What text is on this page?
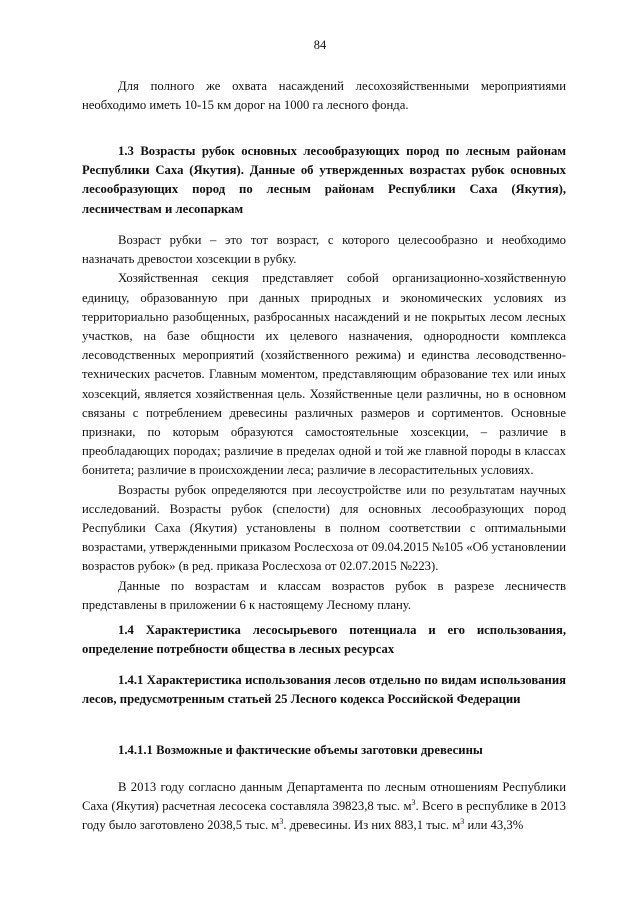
84

Для полного же охвата насаждений лесохозяйственными мероприятиями необходимо иметь 10-15 км дорог на 1000 га лесного фонда.

1.3 Возрасты рубок основных лесообразующих пород по лесным районам Республики Саха (Якутия). Данные об утвержденных возрастах рубок основных лесообразующих пород по лесным районам Республики Саха (Якутия), лесничествам и лесопаркам

Возраст рубки – это тот возраст, с которого целесообразно и необходимо назначать древостои хозсекции в рубку.

Хозяйственная секция представляет собой организационно-хозяйственную единицу, образованную при данных природных и экономических условиях из территориально разобщенных, разбросанных насаждений и не покрытых лесом лесных участков, на базе общности их целевого назначения, однородности комплекса лесоводственных мероприятий (хозяйственного режима) и единства лесоводственно-технических расчетов. Главным моментом, представляющим образование тех или иных хозсекций, является хозяйственная цель. Хозяйственные цели различны, но в основном связаны с потреблением древесины различных размеров и сортиментов. Основные признаки, по которым образуются самостоятельные хозсекции, – различие в преобладающих породах; различие в пределах одной и той же главной породы в классах бонитета; различие в происхождении леса; различие в лесорастительных условиях.

Возрасты рубок определяются при лесоустройстве или по результатам научных исследований. Возрасты рубок (спелости) для основных лесообразующих пород Республики Саха (Якутия) установлены в полном соответствии с оптимальными возрастами, утвержденными приказом Рослесхоза от 09.04.2015 №105 «Об установлении возрастов рубок» (в ред. приказа Рослесхоза от 02.07.2015 №223).

Данные по возрастам и классам возрастов рубок в разрезе лесничеств представлены в приложении 6 к настоящему Лесному плану.

1.4 Характеристика лесосырьевого потенциала и его использования, определение потребности общества в лесных ресурсах

1.4.1 Характеристика использования лесов отдельно по видам использования лесов, предусмотренным статьей 25 Лесного кодекса Российской Федерации

1.4.1.1 Возможные и фактические объемы заготовки древесины

В 2013 году согласно данным Департамента по лесным отношениям Республики Саха (Якутия) расчетная лесосека составляла 39823,8 тыс. $м^3$. Всего в республике в 2013 году было заготовлено 2038,5 тыс. $м^3$. древесины. Из них 883,1 тыс. $м^3$ или 43,3%
